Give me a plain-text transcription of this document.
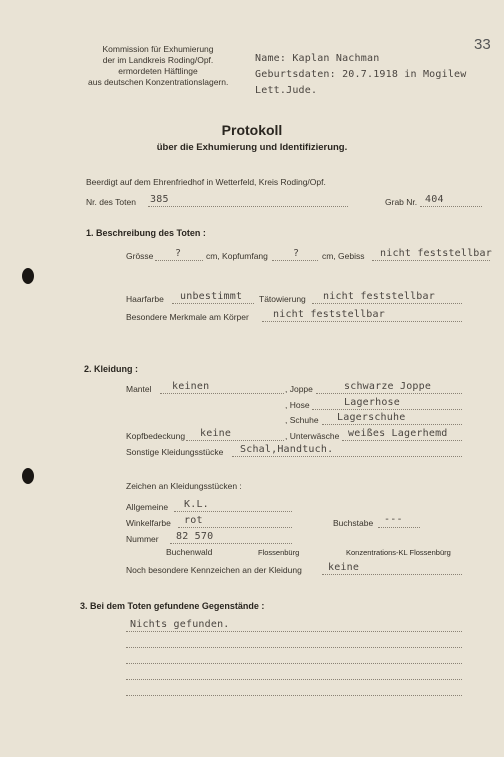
33
Kommission für Exhumierung
der im Landkreis Roding/Opf.
ermordeten Häftlinge
aus deutschen Konzentrationslagern.
Name: Kaplan Nachman
Geburtsdaten: 20.7.1918 in Mogilew
Lett.Jude.
Protokoll
über die Exhumierung und Identifizierung.
Beerdigt auf dem Ehrenfriedhof in Wetterfeld, Kreis Roding/Opf.
Nr. des Toten 385	Grab Nr. 404
1. Beschreibung des Toten :
Grösse ?	cm, Kopfumfang	?	cm, Gebiss nicht feststellbar
Haarfarbe unbestimmt Tätowierung nicht feststellbar
Besondere Merkmale am Körper nicht feststellbar
2. Kleidung :
Mantel keinen	, Joppe	schwarze Joppe
, Hose	Lagerhose
, Schuhe Lagerschuhe
Kopfbedeckung keine	, Unterwäsche weißes Lagerhemd
Sonstige Kleidungsstücke Schal,Handtuch.
Zeichen an Kleidungsstücken :
Allgemeine K.L.
Winkelfarbe rot	Buchstabe ---
Nummer 82 570
Buchenwald	Flossenbürg	Konzentrations-KL Flossenbürg
Noch besondere Kennzeichen an der Kleidung	keine
3. Bei dem Toten gefundene Gegenstände :
Nichts gefunden.
